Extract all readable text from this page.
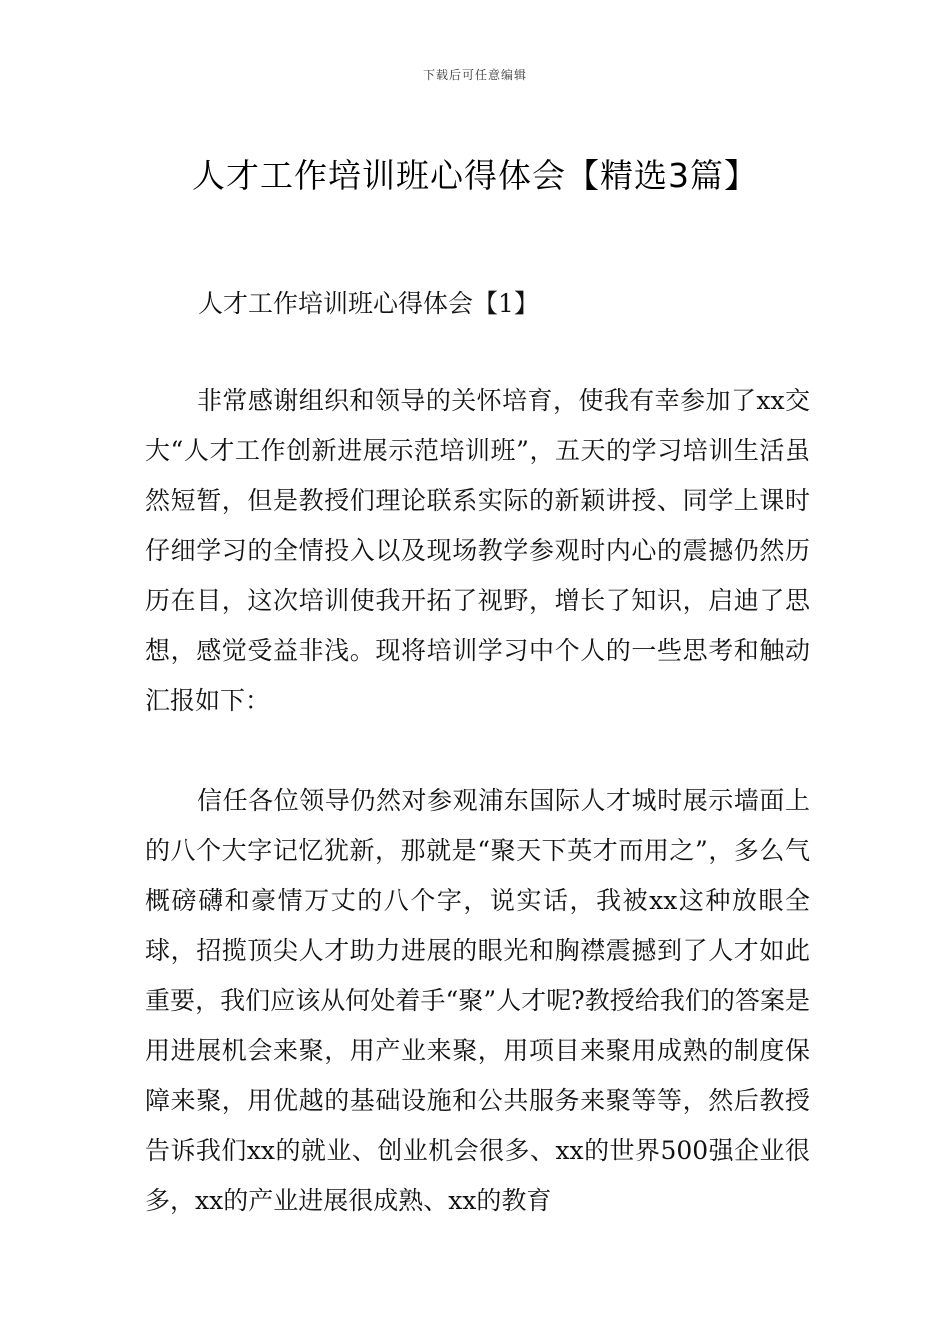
下载后可任意编辑
人才工作培训班心得体会【精选3篇】
人才工作培训班心得体会【1】

非常感谢组织和领导的关怀培育，使我有幸参加了xx交大“人才工作创新进展示范培训班”，五天的学习培训生活虽然短暂，但是教授们理论联系实际的新颖讲授、同学上课时仔细学习的全情投入以及现场教学参观时内心的震撼仍然历历在目，这次培训使我开拓了视野，增长了知识，启迪了思想，感觉受益非浅。现将培训学习中个人的一些思考和触动汇报如下：

信任各位领导仍然对参观浦东国际人才城时展示墙面上的八个大字记忆犹新，那就是“聚天下英才而用之”，多么气概磅礴和豪情万丈的八个字，说实话，我被xx这种放眼全球，招揽顶尖人才助力进展的眼光和胸襟震撼到了人才如此重要，我们应该从何处着手“聚”人才呢?教授给我们的答案是用进展机会来聚，用产业来聚，用项目来聚用成熟的制度保障来聚，用优越的基础设施和公共服务来聚等等，然后教授告诉我们xx的就业、创业机会很多、xx的世界500强企业很多，xx的产业进展很成熟、xx的教育
